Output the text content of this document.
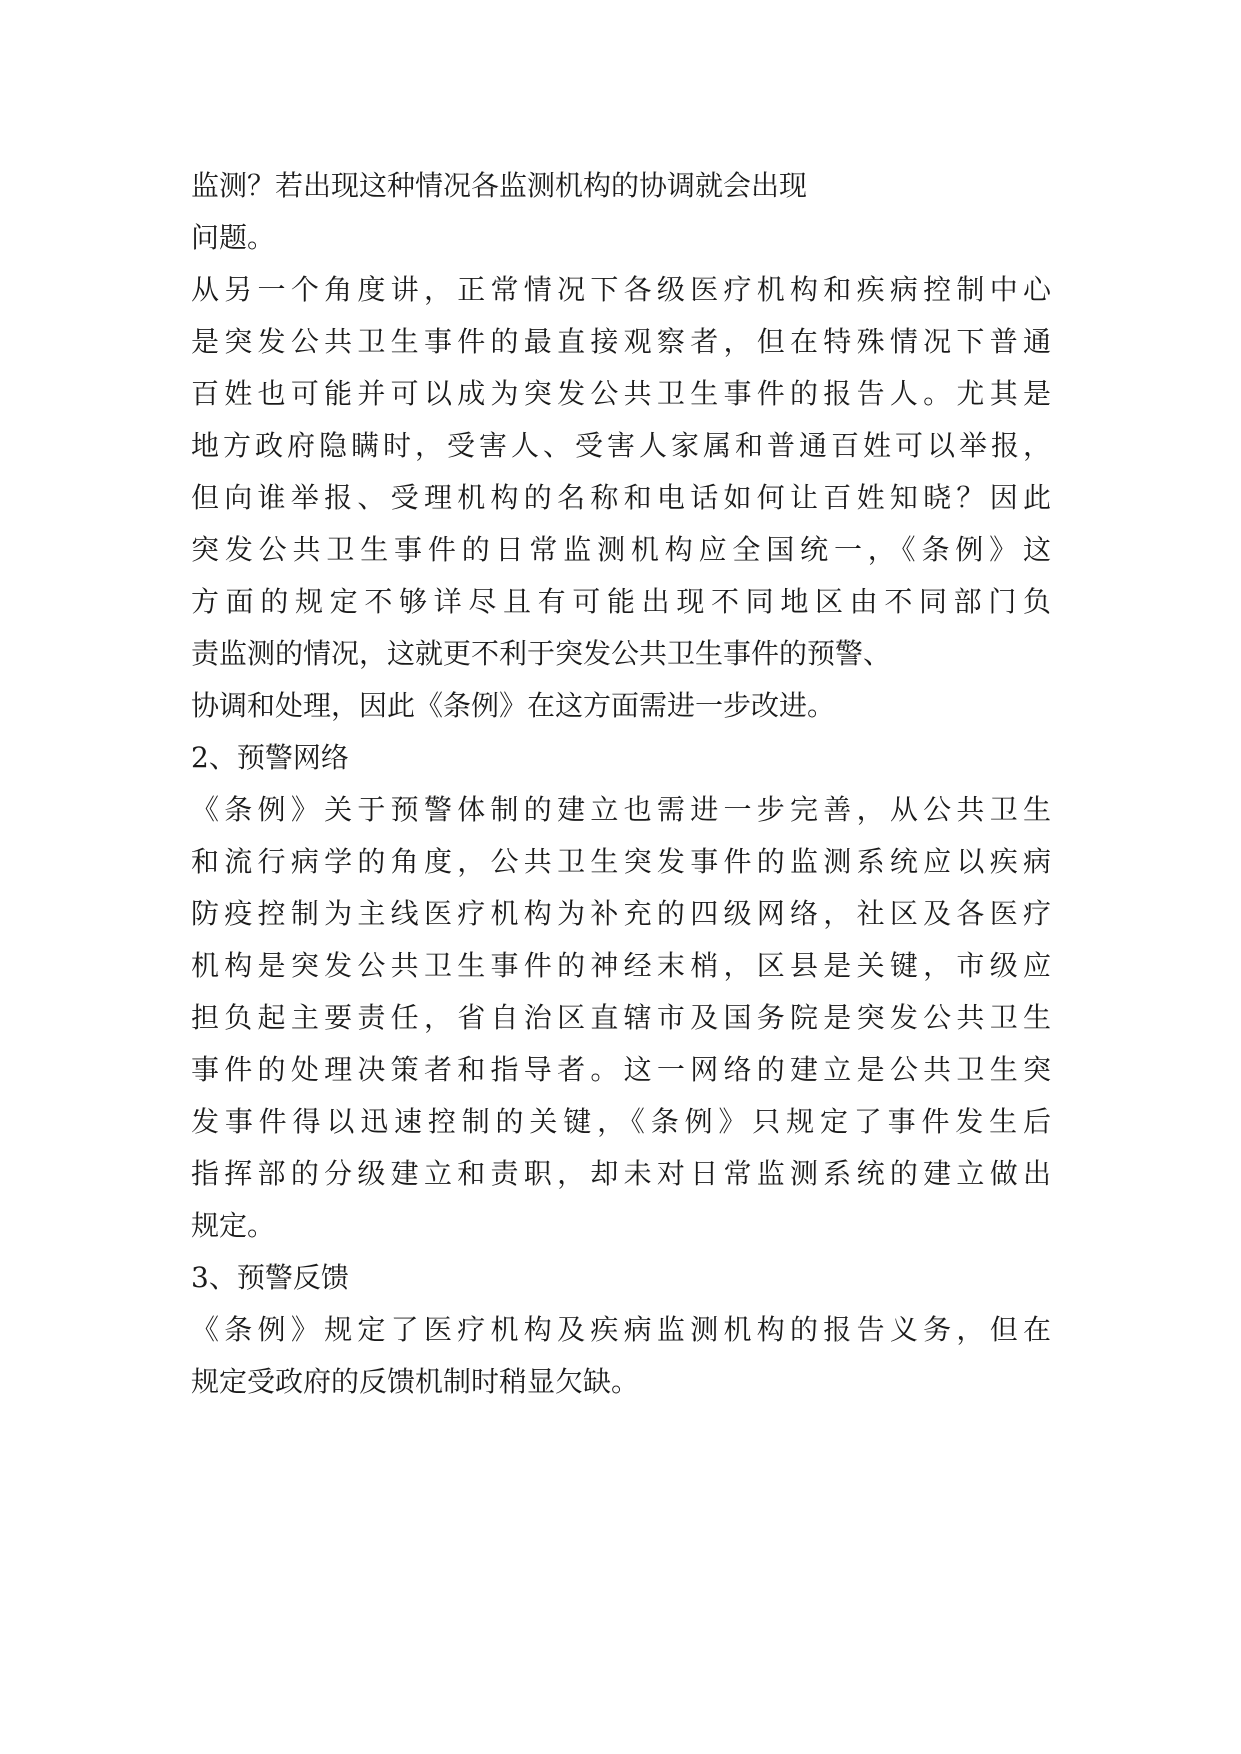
监测？若出现这种情况各监测机构的协调就会出现
问题。
从另一个角度讲，正常情况下各级医疗机构和疾病控制中心
是突发公共卫生事件的最直接观察者，但在特殊情况下普通
百姓也可能并可以成为突发公共卫生事件的报告人。尤其是
地方政府隐瞒时，受害人、受害人家属和普通百姓可以举报，
但向谁举报、受理机构的名称和电话如何让百姓知晓？因此
突发公共卫生事件的日常监测机构应全国统一，《条例》这
方面的规定不够详尽且有可能出现不同地区由不同部门负
责监测的情况，这就更不利于突发公共卫生事件的预警、
协调和处理，因此《条例》在这方面需进一步改进。
2、预警网络
《条例》关于预警体制的建立也需进一步完善，从公共卫生
和流行病学的角度，公共卫生突发事件的监测系统应以疾病
防疫控制为主线医疗机构为补充的四级网络，社区及各医疗
机构是突发公共卫生事件的神经末梢，区县是关键，市级应
担负起主要责任，省自治区直辖市及国务院是突发公共卫生
事件的处理决策者和指导者。这一网络的建立是公共卫生突
发事件得以迅速控制的关键，《条例》只规定了事件发生后
指挥部的分级建立和责职，却未对日常监测系统的建立做出
规定。
3、预警反馈
《条例》规定了医疗机构及疾病监测机构的报告义务，但在
规定受政府的反馈机制时稍显欠缺。
